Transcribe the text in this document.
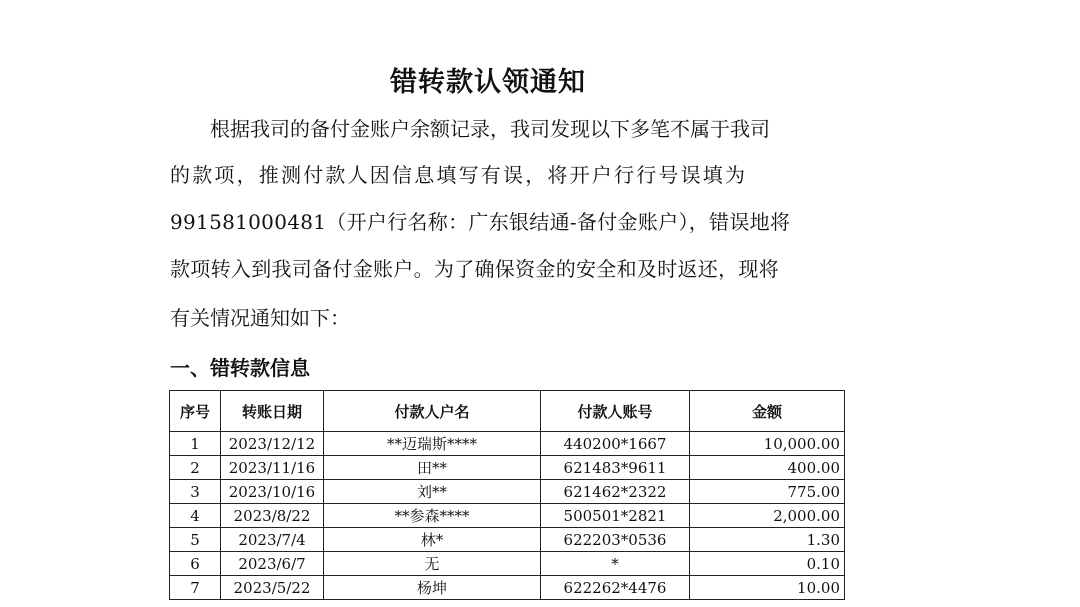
错转款认领通知
根据我司的备付金账户余额记录，我司发现以下多笔不属于我司
的款项，推测付款人因信息填写有误，将开户行行号误填为
991581000481（开户行名称：广东银结通-备付金账户），错误地将
款项转入到我司备付金账户。为了确保资金的安全和及时返还，现将
有关情况通知如下：
一、错转款信息
序号	转账日期	付款人户名	付款人账号	金额
1	2023/12/12	**迈瑞斯****	440200*1667	10,000.00
2	2023/11/16	田**	621483*9611	400.00
3	2023/10/16	刘**	621462*2322	775.00
4	2023/8/22	**参森****	500501*2821	2,000.00
5	2023/7/4	林*	622203*0536	1.30
6	2023/6/7	无	*	0.10
7	2023/5/22	杨坤	622262*4476	10.00
